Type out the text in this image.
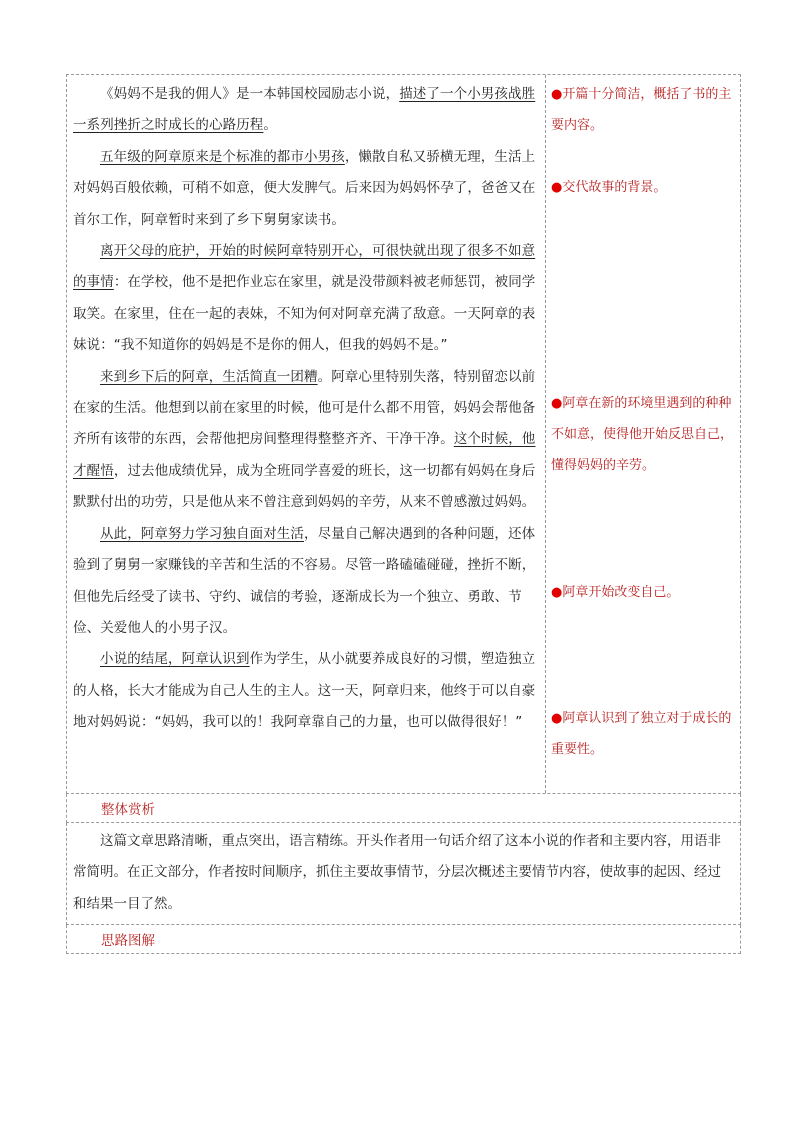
《妈妈不是我的佣人》是一本韩国校园励志小说，描述了一个小男孩战胜一系列挫折之时成长的心路历程。

五年级的阿章原来是个标准的都市小男孩，懒散自私又骄横无理，生活上对妈妈百般依赖，可稍不如意，便大发脾气。后来因为妈妈怀孕了，爸爸又在首尔工作，阿章暂时来到了乡下舅舅家读书。

离开父母的庇护，开始的时候阿章特别开心，可很快就出现了很多不如意的事情：在学校，他不是把作业忘在家里，就是没带颜料被老师惩罚，被同学取笑。在家里，住在一起的表妹，不知为何对阿章充满了敌意。一天阿章的表妹说：“我不知道你的妈妈是不是你的佣人，但我的妈妈不是。”

来到乡下后的阿章，生活简直一团糟。阿章心里特别失落，特别留恋以前在家的生活。他想到以前在家里的时候，他可是什么都不用管，妈妈会帮他备齐所有该带的东西，会帮他把房间整理得整整齐齐、干净干净。这个时候，他才醒悟，过去他成绩优异，成为全班同学喜爱的班长，这一切都有妈妈在身后默默付出的功劳，只是他从来不曾注意到妈妈的辛劳，从来不曾感激过妈妈。

从此，阿章努力学习独自面对生活，尽量自己解决遇到的各种问题，还体验到了舅舅一家赚钱的辛苦和生活的不容易。尽管一路磕磕碰碰，挫折不断，但他先后经受了读书、守约、诚信的考验，逐渐成长为一个独立、勇敢、节俭、关爱他人的小男子汉。

小说的结尾，阿章认识到作为学生，从小就要养成良好的习惯，塑造独立的人格，长大才能成为自己人生的主人。这一天，阿章归来，他终于可以自豪地对妈妈说：“妈妈，我可以的！我阿章靠自己的力量，也可以做得很好！”

●开篇十分简洁，概括了书的主要内容。
●交代故事的背景。
●阿章在新的环境里遇到的种种不如意，使得他开始反思自己，懂得妈妈的辛劳。
●阿章开始改变自己。
●阿章认识到了独立对于成长的重要性。
整体赏析

这篇文章思路清晰，重点突出，语言精练。开头作者用一句话介绍了这本小说的作者和主要内容，用语非常简明。在正文部分，作者按时间顺序，抓住主要故事情节，分层次概述主要情节内容，使故事的起因、经过和结果一目了然。

思路图解
